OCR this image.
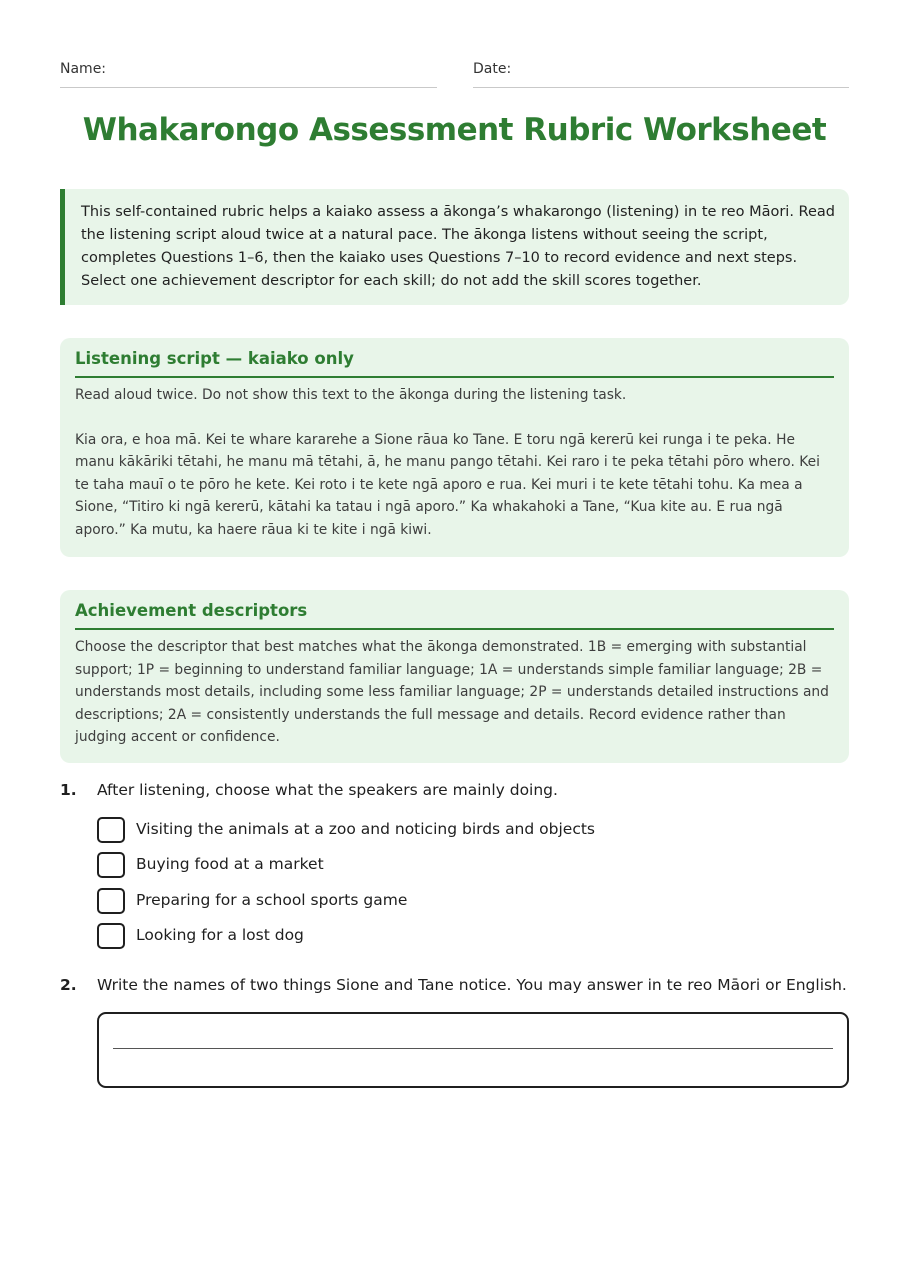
Name:	Date:
Whakarongo Assessment Rubric Worksheet
This self-contained rubric helps a kaiako assess a ākonga’s whakarongo (listening) in te reo Māori. Read the listening script aloud twice at a natural pace. The ākonga listens without seeing the script, completes Questions 1–6, then the kaiako uses Questions 7–10 to record evidence and next steps. Select one achievement descriptor for each skill; do not add the skill scores together.
Listening script — kaiako only

Read aloud twice. Do not show this text to the ākonga during the listening task.

Kia ora, e hoa mā. Kei te whare kararehe a Sione rāua ko Tane. E toru ngā kererū kei runga i te peka. He manu kākāriki tētahi, he manu mā tētahi, ā, he manu pango tētahi. Kei raro i te peka tētahi pōro whero. Kei te taha mauī o te pōro he kete. Kei roto i te kete ngā aporo e rua. Kei muri i te kete tētahi tohu. Ka mea a Sione, “Titiro ki ngā kererū, kātahi ka tatau i ngā aporo.” Ka whakahoki a Tane, “Kua kite au. E rua ngā aporo.” Ka mutu, ka haere rāua ki te kite i ngā kiwi.

Achievement descriptors

Choose the descriptor that best matches what the ākonga demonstrated. 1B = emerging with substantial support; 1P = beginning to understand familiar language; 1A = understands simple familiar language; 2B = understands most details, including some less familiar language; 2P = understands detailed instructions and descriptions; 2A = consistently understands the full message and details. Record evidence rather than judging accent or confidence.

1. After listening, choose what the speakers are mainly doing.
Visiting the animals at a zoo and noticing birds and objects
Buying food at a market
Preparing for a school sports game
Looking for a lost dog
2. Write the names of two things Sione and Tane notice. You may answer in te reo Māori or English.
